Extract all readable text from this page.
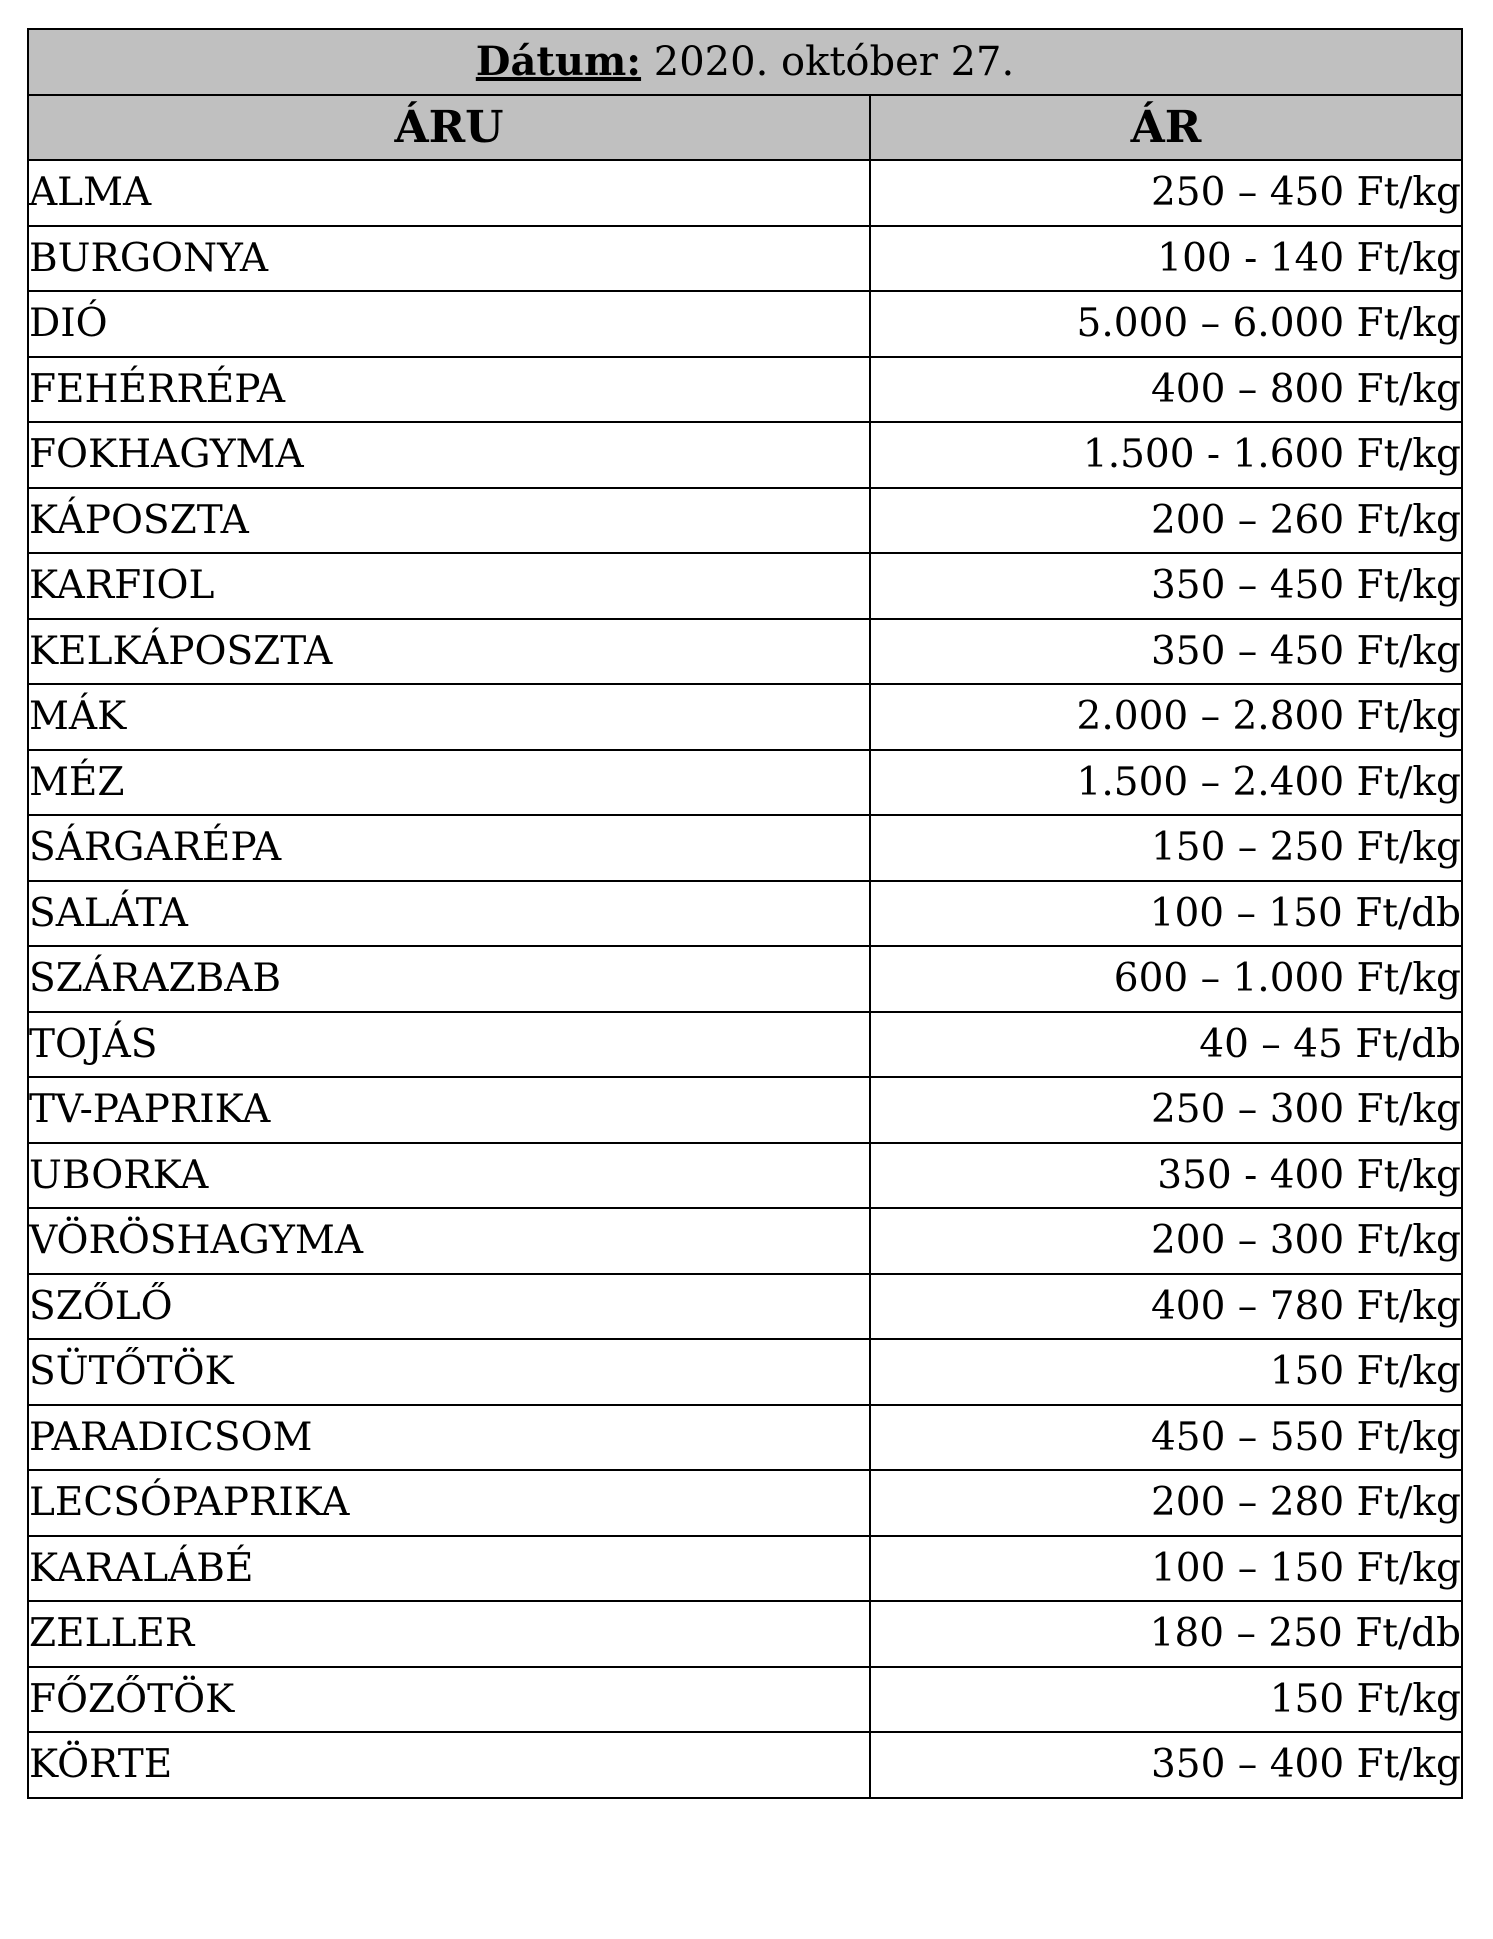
Dátum: 2020. október 27.	
ÁRU	ÁR
ALMA	250 – 450 Ft/kg
BURGONYA	100 - 140 Ft/kg
DIÓ	5.000 – 6.000 Ft/kg
FEHÉRRÉPA	400 – 800 Ft/kg
FOKHAGYMA	1.500 - 1.600 Ft/kg
KÁPOSZTA	200 – 260 Ft/kg
KARFIOL	350 – 450 Ft/kg
KELKÁPOSZTA	350 – 450 Ft/kg
MÁK	2.000 – 2.800 Ft/kg
MÉZ	1.500 – 2.400 Ft/kg
SÁRGARÉPA	150 – 250 Ft/kg
SALÁTA	100 – 150 Ft/db
SZÁRAZBAB	600 – 1.000 Ft/kg
TOJÁS	40 – 45 Ft/db
TV-PAPRIKA	250 – 300 Ft/kg
UBORKA	350 - 400 Ft/kg
VÖRÖSHAGYMA	200 – 300 Ft/kg
SZŐLŐ	400 – 780 Ft/kg
SÜTŐTÖK	150 Ft/kg
PARADICSOM	450 – 550 Ft/kg
LECSÓPAPRIKA	200 – 280 Ft/kg
KARALÁBÉ	100 – 150 Ft/kg
ZELLER	180 – 250 Ft/db
FŐZŐTÖK	150 Ft/kg
KÖRTE	350 – 400 Ft/kg
